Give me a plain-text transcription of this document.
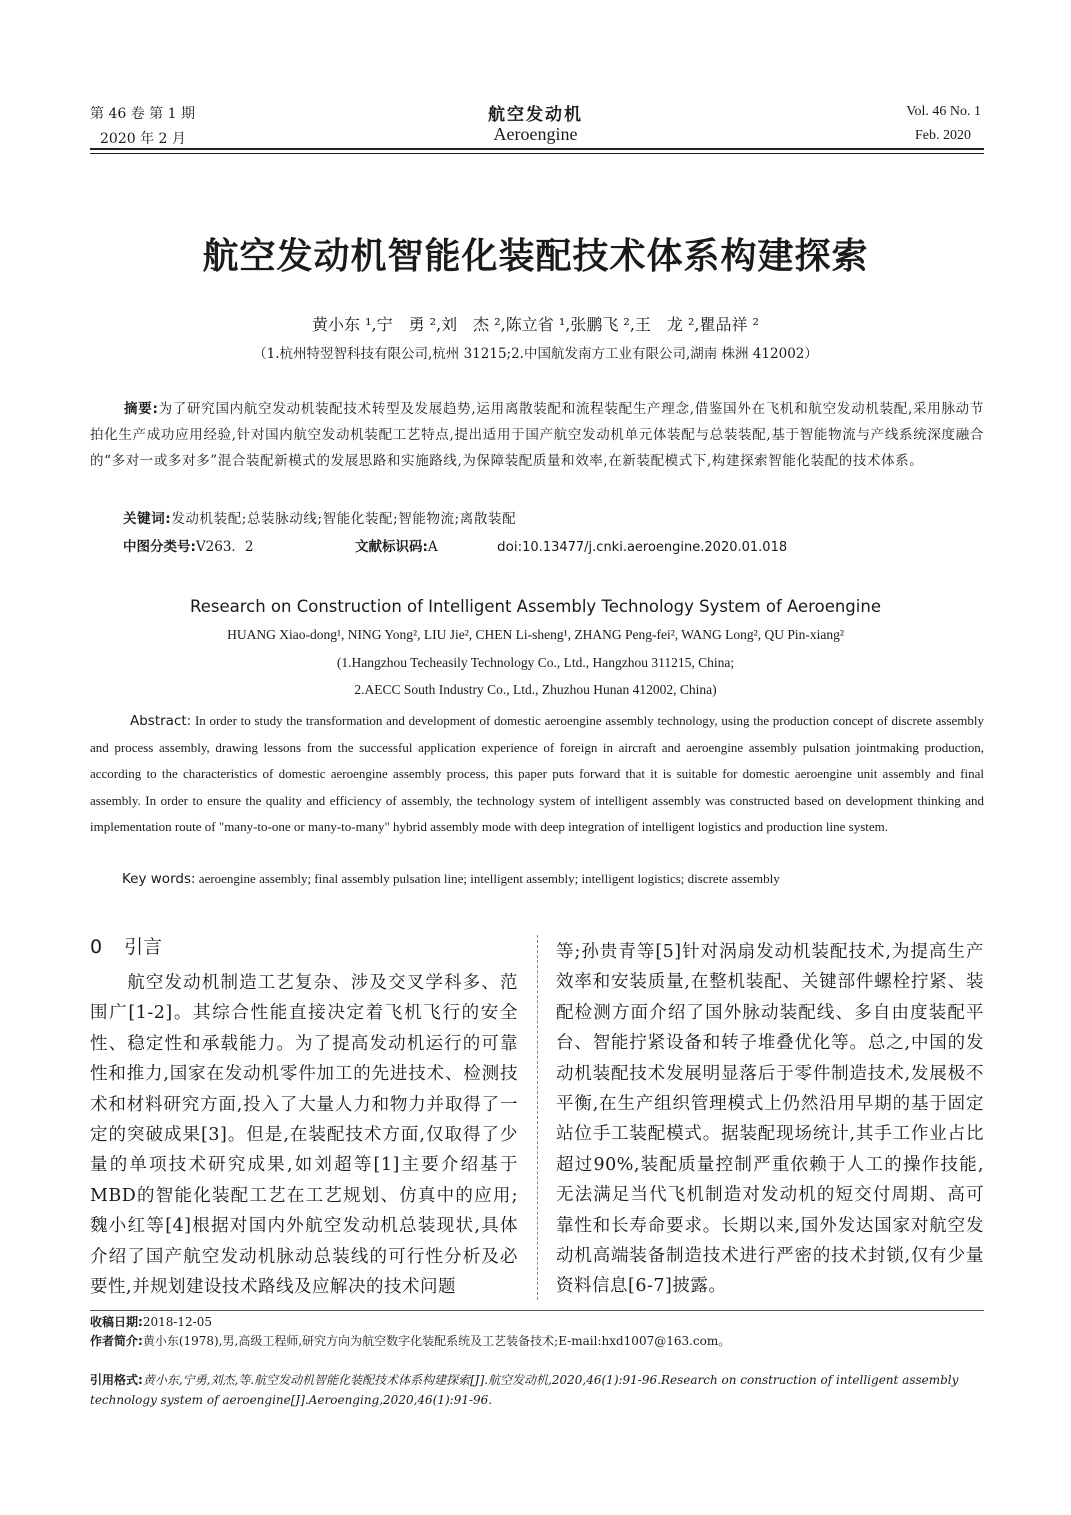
第 46 卷 第 1 期
2020 年 2 月
航空发动机
Aeroengine
Vol. 46 No. 1
Feb. 2020
航空发动机智能化装配技术体系构建探索
黄小东 ¹,宁　勇 ²,刘　杰 ²,陈立省 ¹,张鹏飞 ²,王　龙 ²,瞿品祥 ²
（1.杭州特翌智科技有限公司,杭州 31215;2.中国航发南方工业有限公司,湖南 株洲 412002）
摘要:为了研究国内航空发动机装配技术转型及发展趋势,运用离散装配和流程装配生产理念,借鉴国外在飞机和航空发动机装配,采用脉动节拍化生产成功应用经验,针对国内航空发动机装配工艺特点,提出适用于国产航空发动机单元体装配与总装装配,基于智能物流与产线系统深度融合的“多对一或多对多”混合装配新模式的发展思路和实施路线,为保障装配质量和效率,在新装配模式下,构建探索智能化装配的技术体系。
关键词:发动机装配;总装脉动线;智能化装配;智能物流;离散装配
中图分类号:V263．2	文献标识码:A	doi:10.13477/j.cnki.aeroengine.2020.01.018
Research on Construction of Intelligent Assembly Technology System of Aeroengine
HUANG Xiao-dong¹, NING Yong², LIU Jie², CHEN Li-sheng¹, ZHANG Peng-fei², WANG Long², QU Pin-xiang²
(1.Hangzhou Techeasily Technology Co., Ltd., Hangzhou 311215, China;
2.AECC South Industry Co., Ltd., Zhuzhou Hunan 412002, China)
Abstract: In order to study the transformation and development of domestic aeroengine assembly technology, using the production concept of discrete assembly and process assembly, drawing lessons from the successful application experience of foreign in aircraft and aeroengine assembly pulsation jointmaking production, according to the characteristics of domestic aeroengine assembly process, this paper puts forward that it is suitable for domestic aeroengine unit assembly and final assembly. In order to ensure the quality and efficiency of assembly, the technology system of intelligent assembly was constructed based on development thinking and implementation route of "many-to-one or many-to-many" hybrid assembly mode with deep integration of intelligent logistics and production line system.
Key words: aeroengine assembly; final assembly pulsation line; intelligent assembly; intelligent logistics; discrete assembly
0 引言
　　航空发动机制造工艺复杂、涉及交叉学科多、范围广[1-2]。其综合性能直接决定着飞机飞行的安全性、稳定性和承载能力。为了提高发动机运行的可靠性和推力,国家在发动机零件加工的先进技术、检测技术和材料研究方面,投入了大量人力和物力并取得了一定的突破成果[3]。但是,在装配技术方面,仅取得了少量的单项技术研究成果,如刘超等[1]主要介绍基于MBD的智能化装配工艺在工艺规划、仿真中的应用;魏小红等[4]根据对国内外航空发动机总装现状,具体介绍了国产航空发动机脉动总装线的可行性分析及必要性,并规划建设技术路线及应解决的技术问题
等;孙贵青等[5]针对涡扇发动机装配技术,为提高生产效率和安装质量,在整机装配、关键部件螺栓拧紧、装配检测方面介绍了国外脉动装配线、多自由度装配平台、智能拧紧设备和转子堆叠优化等。总之,中国的发动机装配技术发展明显落后于零件制造技术,发展极不平衡,在生产组织管理模式上仍然沿用早期的基于固定站位手工装配模式。据装配现场统计,其手工作业占比超过90%,装配质量控制严重依赖于人工的操作技能,无法满足当代飞机制造对发动机的短交付周期、高可靠性和长寿命要求。长期以来,国外发达国家对航空发动机高端装备制造技术进行严密的技术封锁,仅有少量资料信息[6-7]披露。
收稿日期:2018-12-05
作者简介:黄小东(1978),男,高级工程师,研究方向为航空数字化装配系统及工艺装备技术;E-mail:hxd1007@163.com。
引用格式:黄小东,宁勇,刘杰,等.航空发动机智能化装配技术体系构建探索[J].航空发动机,2020,46(1):91-96.Research on construction of intelligent assembly technology system of aeroengine[J].Aeroenging,2020,46(1):91-96.
